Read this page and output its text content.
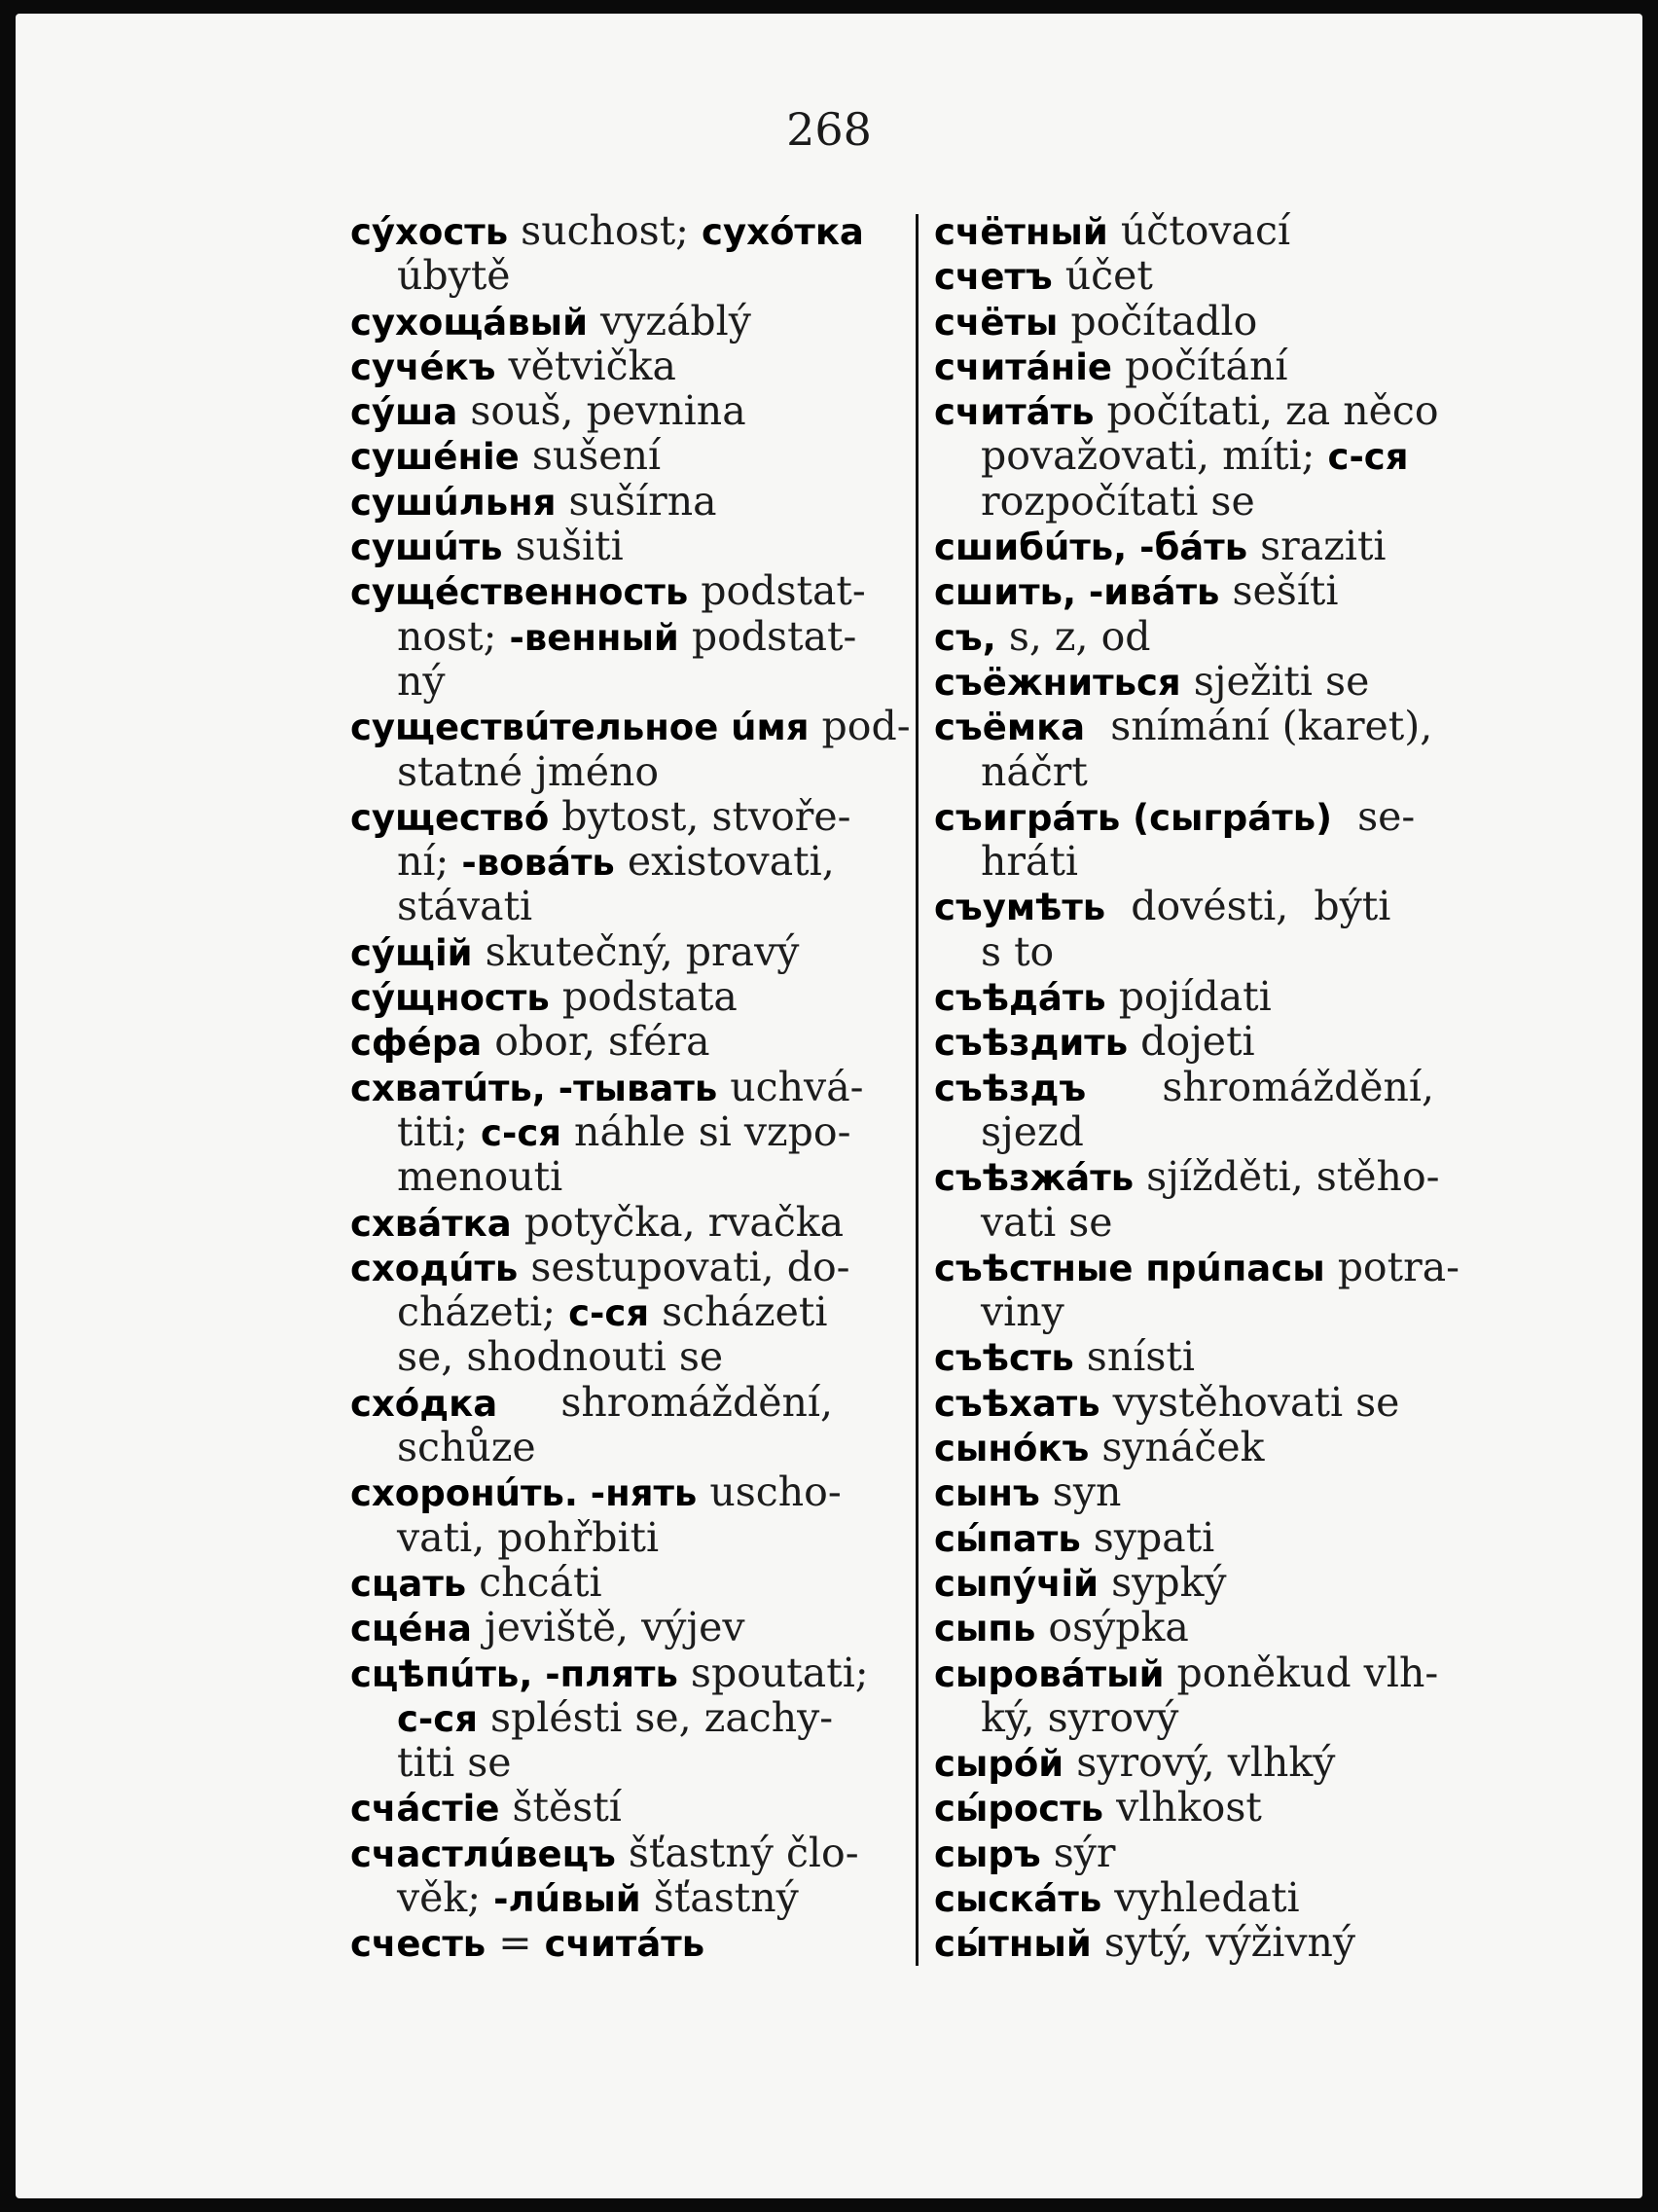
268
сýхость suchost; сухóтка
úbytě
сухощáвый vyzáblý
сучéкъ větvička
сýша souš, pevnina
сушéніе sušení
сушúльня sušírna
сушúть sušiti
сущéственность podstat-
nost; -венный podstat-
ný
существúтельное úмя pod-
statné jméno
существó bytost, stvoře-
ní; -вовáть existovati,
stávati
сýщій skutečný, pravý
сýщность podstata
сфéра obor, sféra
схватúть, -тывать uchvá-
titi; с-ся náhle si vzpo-
menouti
схвáтка potyčka, rvačka
сходúть sestupovati, do-
cházeti; с-ся scházeti
se, shodnouti se
схóдка     shromáždění,
schůze
схоронúть. -нять uscho-
vati, pohřbiti
сцать chcáti
сцéна jeviště, výjev
сцѣпúть, -плять spoutati;
с-ся splésti se, zachy-
titi se
счáстіе štěstí
счастлúвецъ šťastný člo-
věk; -лúвый šťastný
счесть = считáть
счётный účtovací
счетъ účet
счёты počítadlo
считáніе počítání
считáть počítati, za něco
považovati, míti; с-ся
rozpočítati se
сшибúть, -бáть sraziti
сшить, -ивáть sešíti
съ, s, z, od
съёжниться sježiti se
съёмка  snímání (karet),
náčrt
съигрáть (сыгрáть)  se-
hráti
съумѣть  dovésti,  býti
s to
съѣдáть pojídati
съѣздить dojeti
съѣздъ      shromáždění,
sjezd
съѣзжáть sjížděti, stěho-
vati se
съѣстные прúпасы potra-
viny
съѣсть snísti
съѣхать vystěhovati se
сынóкъ synáček
сынъ syn
сы́пать sypati
сыпýчій sypký
сыпь osýpka
сыровáтый poněkud vlh-
ký, syrový
сырóй syrový, vlhký
сы́рость vlhkost
сыръ sýr
сыскáть vyhledati
сы́тный sytý, výživný
